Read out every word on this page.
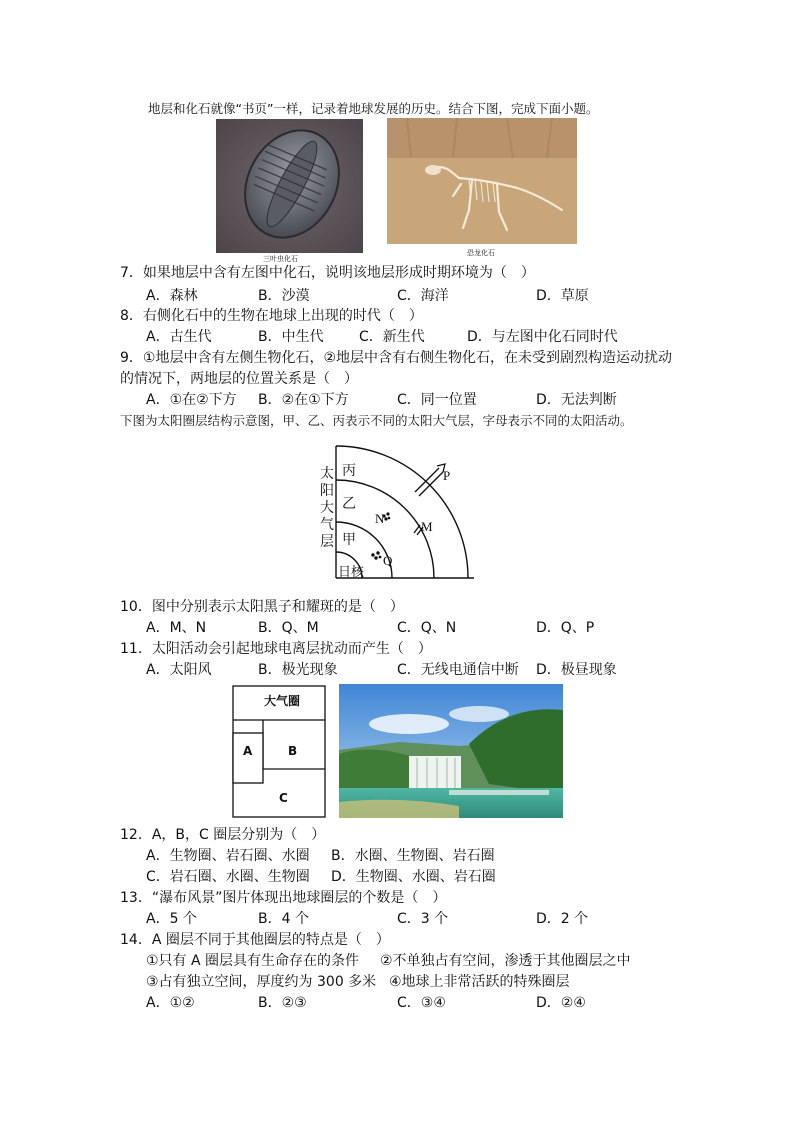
地层和化石就像“书页”一样，记录着地球发展的历史。结合下图，完成下面小题。
三叶虫化石
恐龙化石
7．如果地层中含有左图中化石，说明该地层形成时期环境为（　）
A．森林	B．沙漠	C．海洋	D．草原
8．右侧化石中的生物在地球上出现的时代（　）
A．古生代	B．中生代	C．新生代	D．与左图中化石同时代
9．①地层中含有左侧生物化石，②地层中含有右侧生物化石，在未受到剧烈构造运动扰动
的情况下，两地层的位置关系是（　）
A．①在②下方 B．②在①下方	C．同一位置	D．无法判断
下图为太阳圈层结构示意图，甲、乙、丙表示不同的太阳大气层，字母表示不同的太阳活动。
太
阳
大
气
层
丙
乙
甲
日核
P
N
M
Q
10．图中分别表示太阳黑子和耀斑的是（　）
A．M、N	B．Q、M	C．Q、N	D．Q、P
11．太阳活动会引起地球电离层扰动而产生（　）
A．太阳风	B．极光现象	C．无线电通信中断 D．极昼现象
大气圈
A	B
C
12．A，B，C 圈层分别为（　）
A．生物圈、岩石圈、水圈 B．水圈、生物圈、岩石圈
C．岩石圈、水圈、生物圈 D．生物圈、水圈、岩石圈
13．“瀑布风景”图片体现出地球圈层的个数是（　）
A．5 个	B．4 个	C．3 个	D．2 个
14．A 圈层不同于其他圈层的特点是（　）
①只有 A 圈层具有生命存在的条件 ②不单独占有空间，渗透于其他圈层之中
③占有独立空间，厚度约为 300 多米 ④地球上非常活跃的特殊圈层
A．①②	B．②③	C．③④	D．②④
